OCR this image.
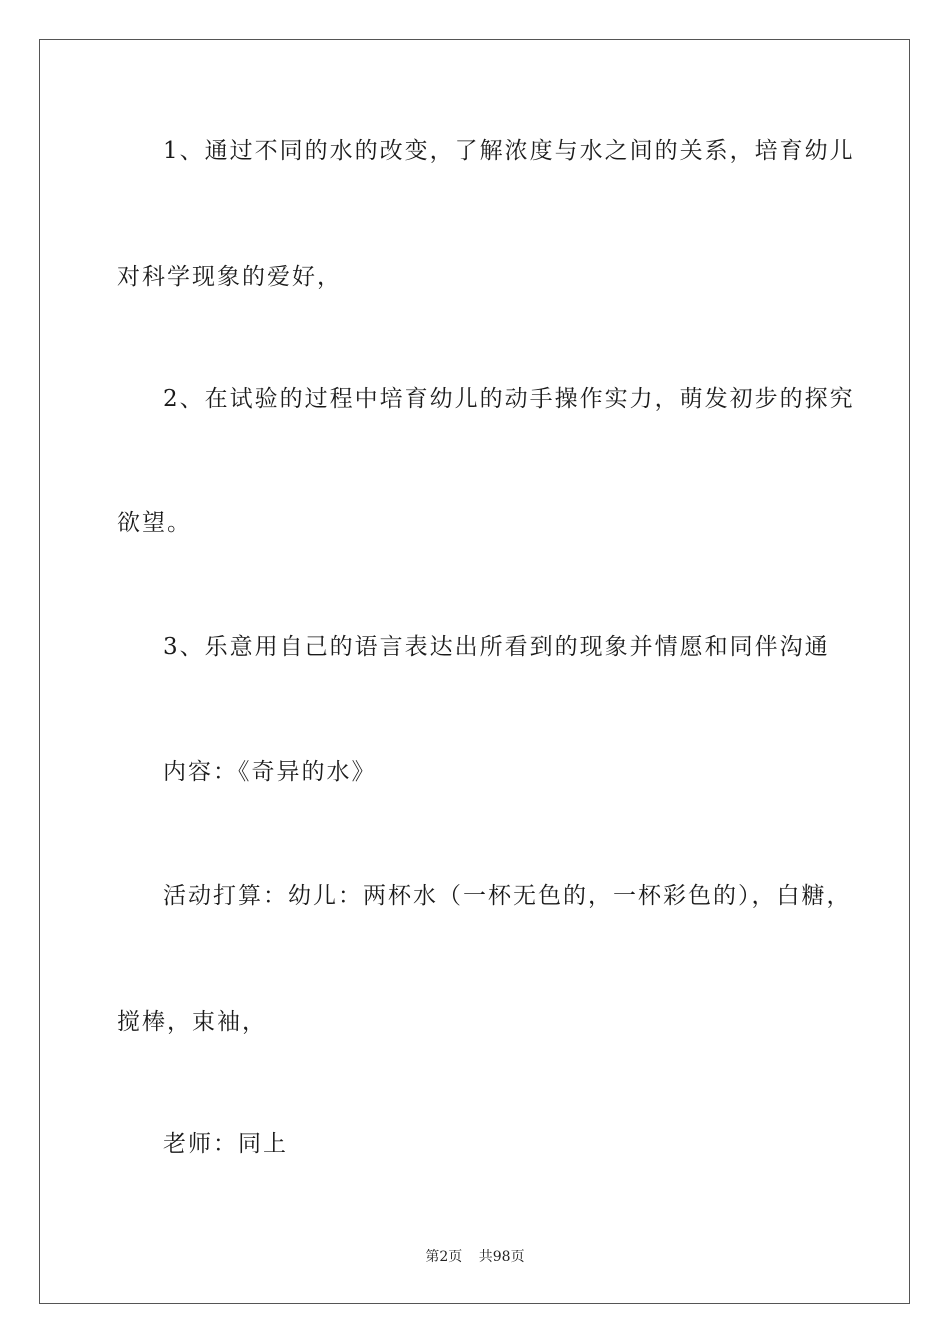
1、通过不同的水的改变，了解浓度与水之间的关系，培育幼儿
对科学现象的爱好，
2、在试验的过程中培育幼儿的动手操作实力，萌发初步的探究
欲望。
3、乐意用自己的语言表达出所看到的现象并情愿和同伴沟通
内容：《奇异的水》
活动打算：幼儿：两杯水（一杯无色的，一杯彩色的），白糖，
搅棒，束袖，
老师：同上
第2页 共98页
